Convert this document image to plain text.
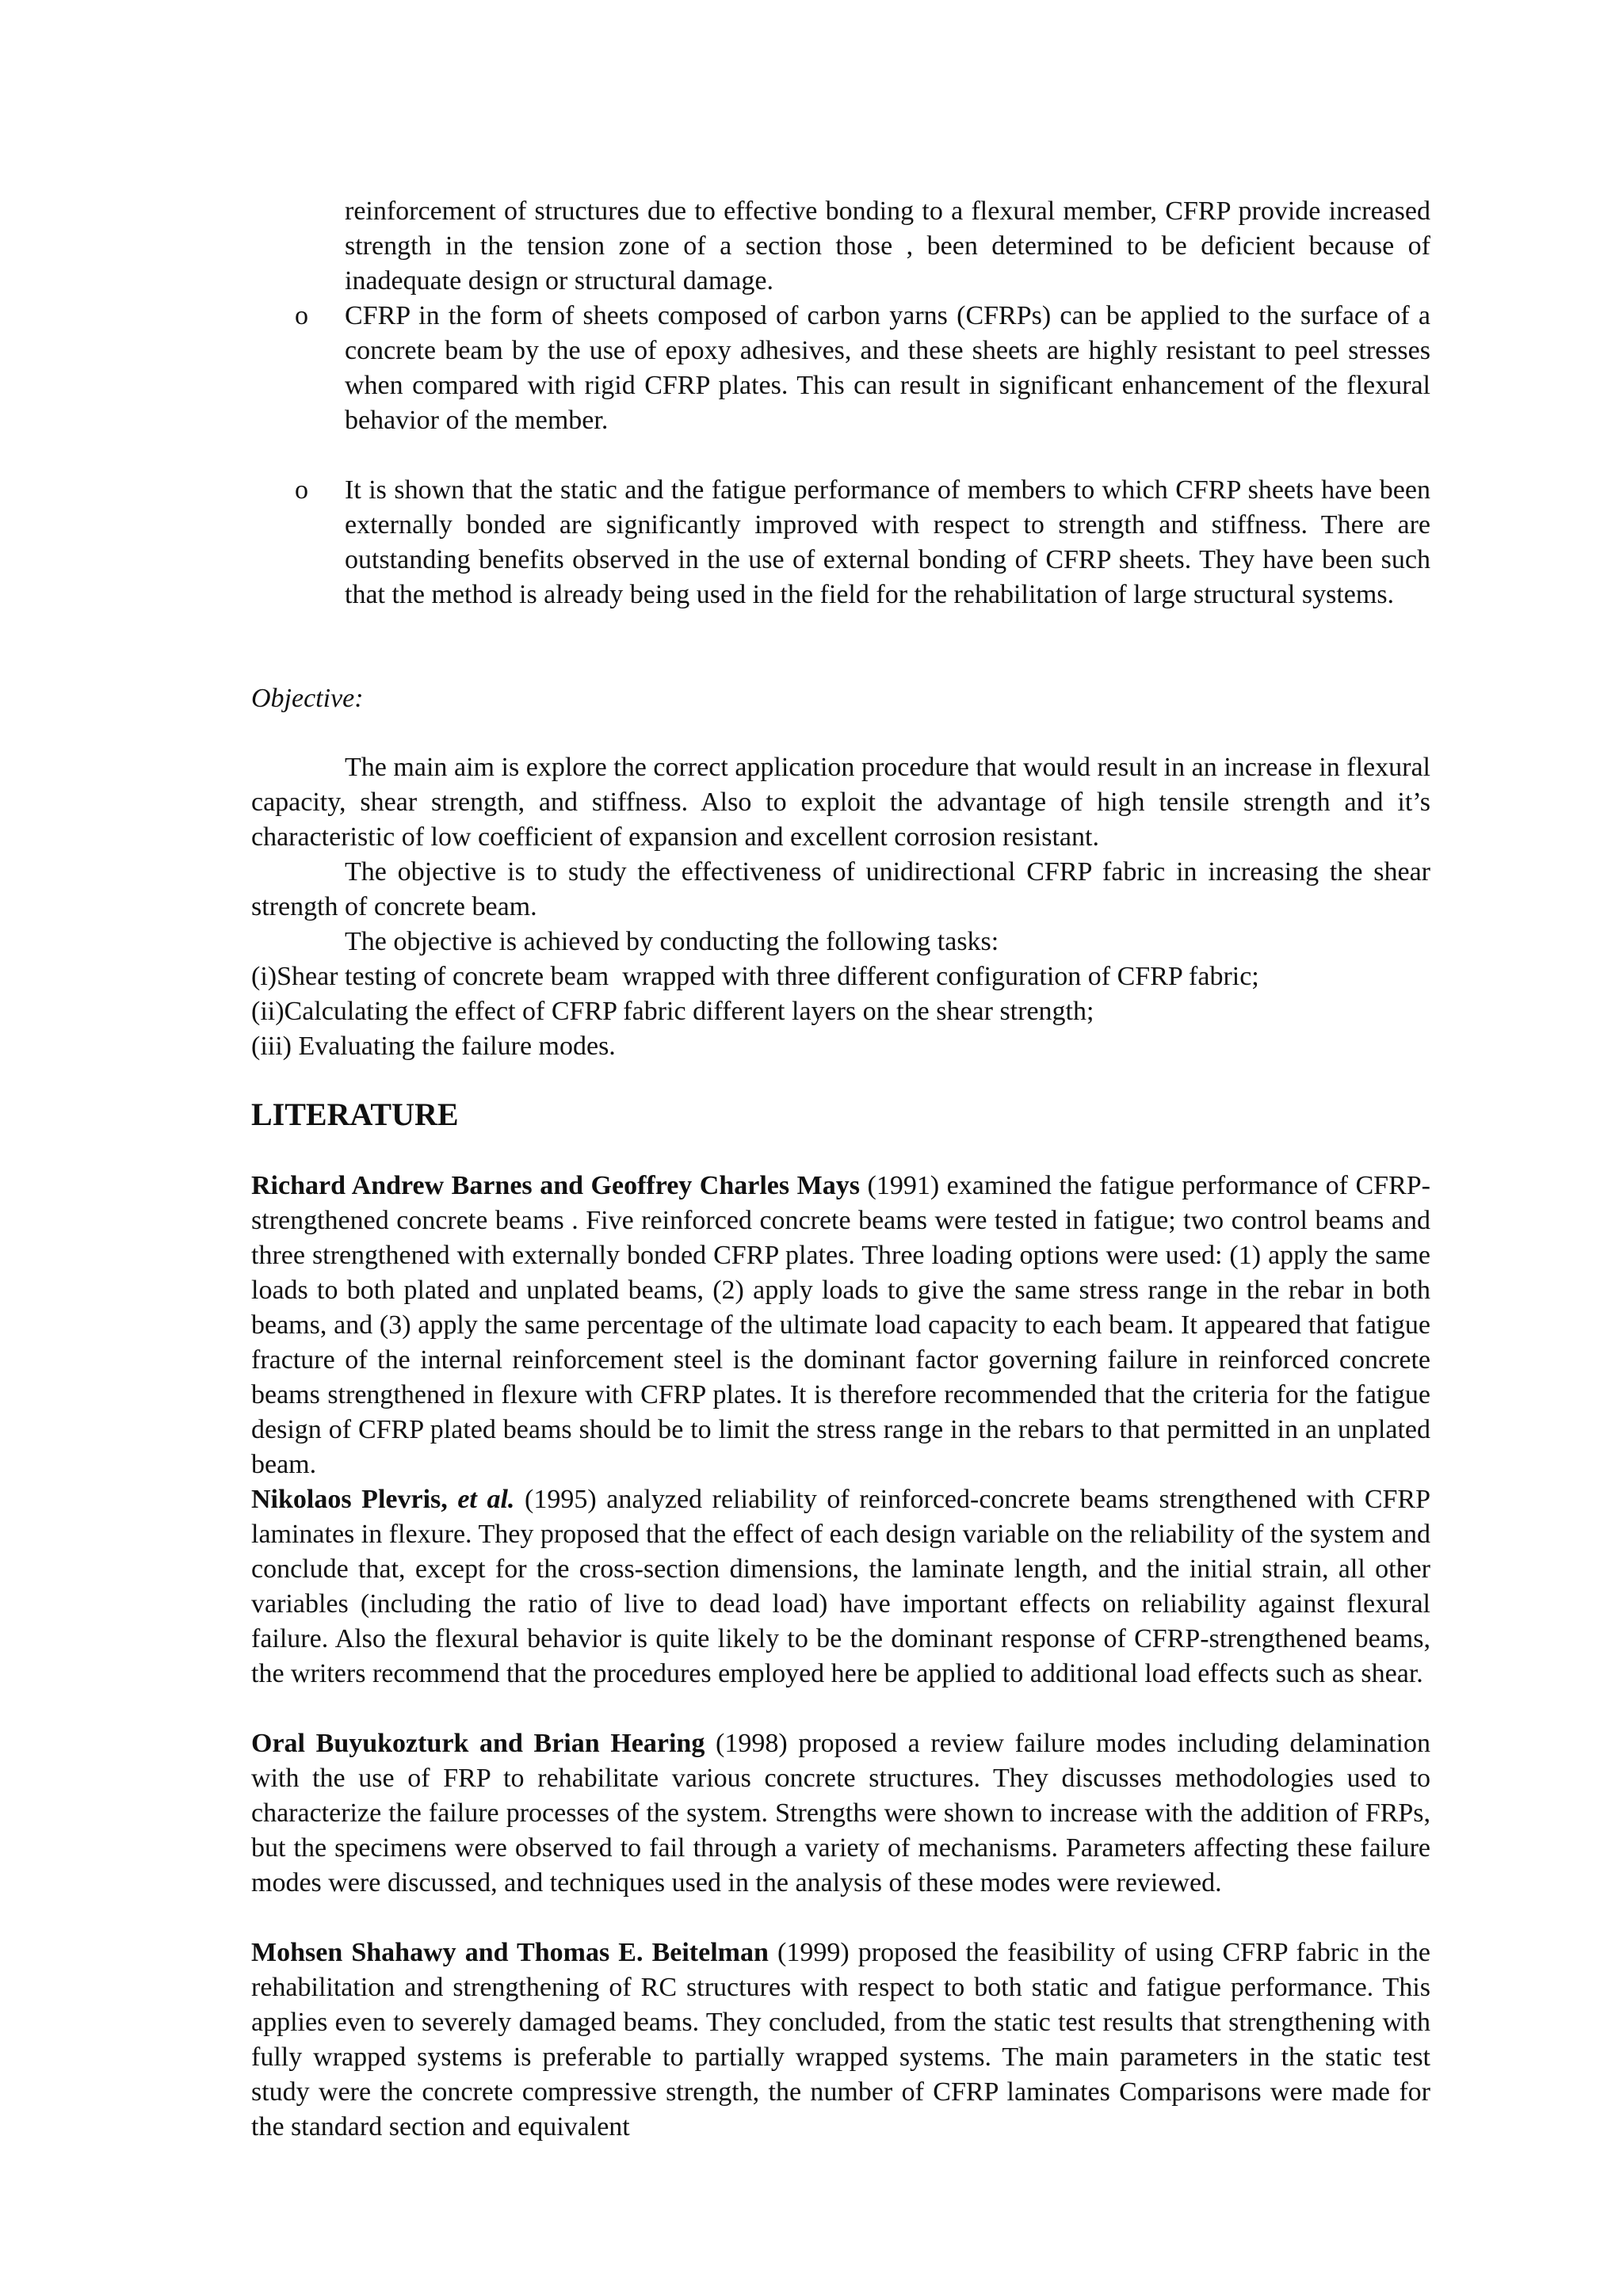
reinforcement of structures due to effective bonding to a flexural member, CFRP provide increased strength in the tension zone of a section those , been determined to be deficient because of inadequate design or structural damage.

o CFRP in the form of sheets composed of carbon yarns (CFRPs) can be applied to the surface of a concrete beam by the use of epoxy adhesives, and these sheets are highly resistant to peel stresses when compared with rigid CFRP plates. This can result in significant enhancement of the flexural behavior of the member.

o It is shown that the static and the fatigue performance of members to which CFRP sheets have been externally bonded are significantly improved with respect to strength and stiffness. There are outstanding benefits observed in the use of external bonding of CFRP sheets. They have been such that the method is already being used in the field for the rehabilitation of large structural systems.

Objective:

The main aim is explore the correct application procedure that would result in an increase in flexural capacity, shear strength, and stiffness. Also to exploit the advantage of high tensile strength and it’s characteristic of low coefficient of expansion and excellent corrosion resistant.

The objective is to study the effectiveness of unidirectional CFRP fabric in increasing the shear strength of concrete beam.

The objective is achieved by conducting the following tasks:

(i)Shear testing of concrete beam  wrapped with three different configuration of CFRP fabric;

(ii)Calculating the effect of CFRP fabric different layers on the shear strength;

(iii) Evaluating the failure modes.

LITERATURE

Richard Andrew Barnes and Geoffrey Charles Mays (1991) examined the fatigue performance of CFRP-strengthened concrete beams . Five reinforced concrete beams were tested in fatigue; two control beams and three strengthened with externally bonded CFRP plates. Three loading options were used: (1) apply the same loads to both plated and unplated beams, (2) apply loads to give the same stress range in the rebar in both beams, and (3) apply the same percentage of the ultimate load capacity to each beam. It appeared that fatigue fracture of the internal reinforcement steel is the dominant factor governing failure in reinforced concrete beams strengthened in flexure with CFRP plates. It is therefore recommended that the criteria for the fatigue design of CFRP plated beams should be to limit the stress range in the rebars to that permitted in an unplated beam.

Nikolaos Plevris, et al. (1995) analyzed reliability of reinforced-concrete beams strengthened with CFRP laminates in flexure. They proposed that the effect of each design variable on the reliability of the system and conclude that, except for the cross-section dimensions, the laminate length, and the initial strain, all other variables (including the ratio of live to dead load) have important effects on reliability against flexural failure. Also the flexural behavior is quite likely to be the dominant response of CFRP-strengthened beams, the writers recommend that the procedures employed here be applied to additional load effects such as shear.

Oral Buyukozturk and Brian Hearing (1998) proposed a review failure modes including delamination with the use of FRP to rehabilitate various concrete structures. They discusses methodologies used to characterize the failure processes of the system. Strengths were shown to increase with the addition of FRPs, but the specimens were observed to fail through a variety of mechanisms. Parameters affecting these failure modes were discussed, and techniques used in the analysis of these modes were reviewed.

Mohsen Shahawy and Thomas E. Beitelman (1999) proposed the feasibility of using CFRP fabric in the rehabilitation and strengthening of RC structures with respect to both static and fatigue performance. This applies even to severely damaged beams. They concluded, from the static test results that strengthening with fully wrapped systems is preferable to partially wrapped systems. The main parameters in the static test study were the concrete compressive strength, the number of CFRP laminates Comparisons were made for the standard section and equivalent
